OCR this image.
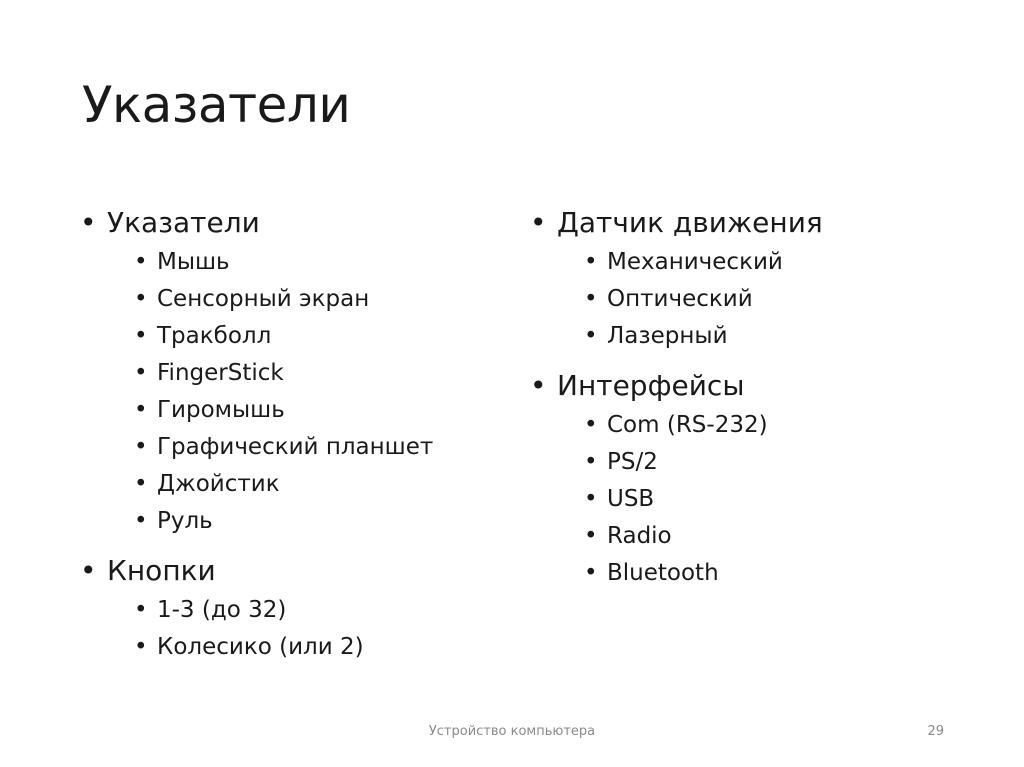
Указатели
• Указатели
• Мышь
• Сенсорный экран
• Тракболл
• FingerStick
• Гиромышь
• Графический планшет
• Джойстик
• Руль
• Кнопки
• 1-3 (до 32)
• Колесико (или 2)
• Датчик движения
• Механический
• Оптический
• Лазерный
• Интерфейсы
• Com (RS-232)
• PS/2
• USB
• Radio
• Bluetooth
Устройство компьютера	29
